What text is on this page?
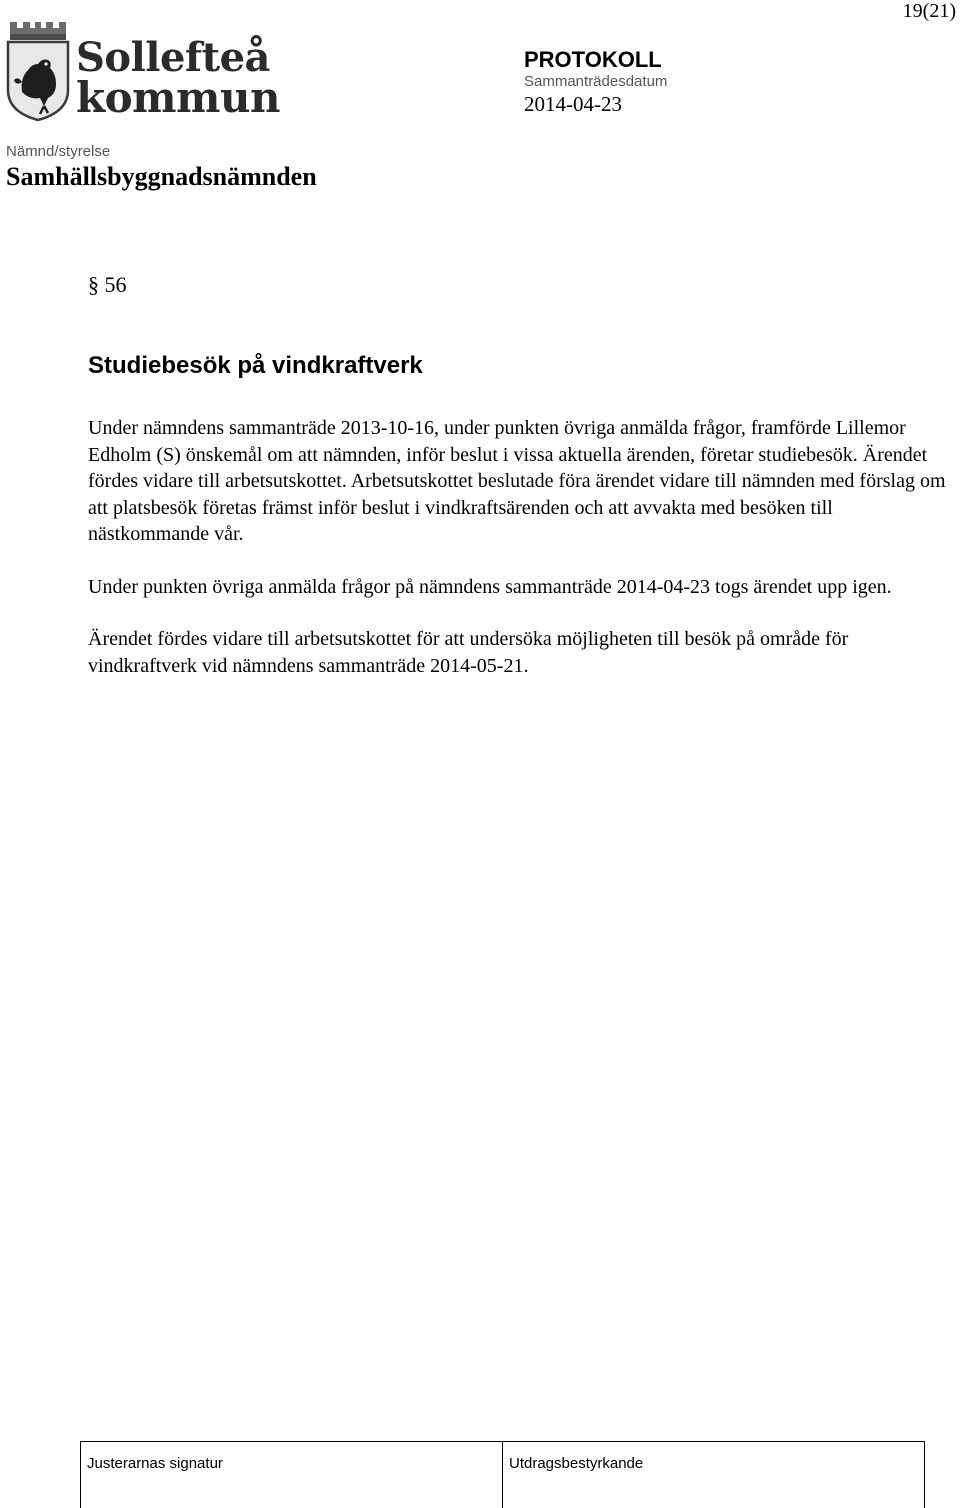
19(21)
Sollefteå
kommun
PROTOKOLL
Sammanträdesdatum
2014-04-23
Nämnd/styrelse
Samhällsbyggnadsnämnden
§ 56
Studiebesök på vindkraftverk

Under nämndens sammanträde 2013-10-16, under punkten övriga anmälda frågor, framförde Lillemor Edholm (S) önskemål om att nämnden, inför beslut i vissa aktuella ärenden, företar studiebesök. Ärendet fördes vidare till arbetsutskottet. Arbetsutskottet beslutade föra ärendet vidare till nämnden med förslag om att platsbesök företas främst inför beslut i vindkraftsärenden och att avvakta med besöken till nästkommande vår.

Under punkten övriga anmälda frågor på nämndens sammanträde 2014-04-23 togs ärendet upp igen.

Ärendet fördes vidare till arbetsutskottet för att undersöka möjligheten till besök på område för vindkraftverk vid nämndens sammanträde 2014-05-21.

Justerarnas signatur	Utdragsbestyrkande
